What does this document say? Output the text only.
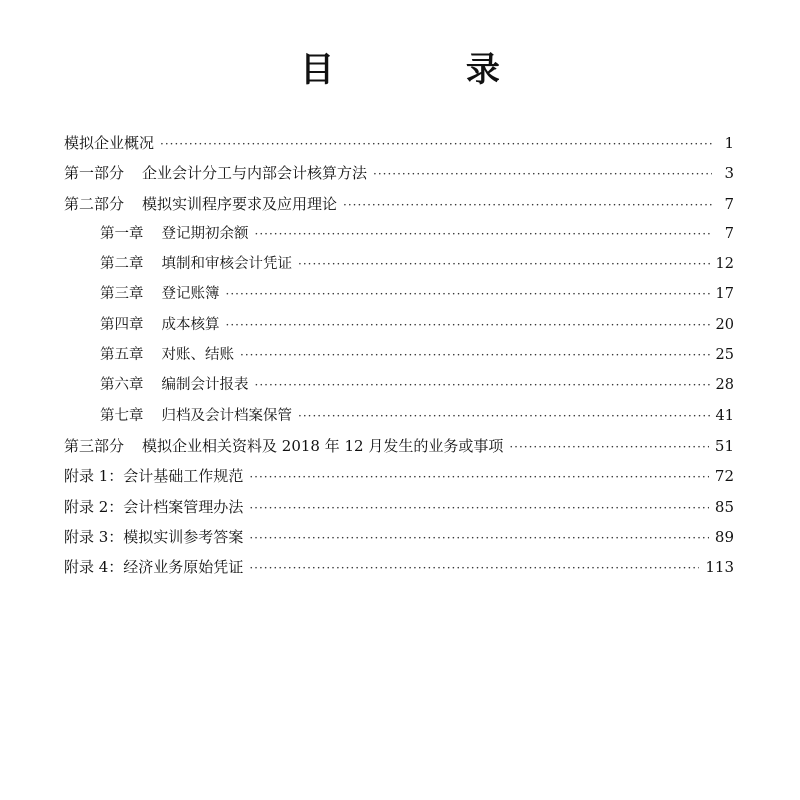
目 录
模拟企业概况 ·····	1
第一部分 企业会计分工与内部会计核算方法 ·····	3
第二部分 模拟实训程序要求及应用理论 ·····	7
第一章 登记期初余额 ·····	7
第二章 填制和审核会计凭证 ·····	12
第三章 登记账簿 ·····	17
第四章 成本核算 ·····	20
第五章 对账、结账 ·····	25
第六章 编制会计报表 ·····	28
第七章 归档及会计档案保管 ·····	41
第三部分 模拟企业相关资料及 2018 年 12 月发生的业务或事项 ·····	51
附录 1：会计基础工作规范 ·····	72
附录 2：会计档案管理办法 ·····	85
附录 3：模拟实训参考答案 ·····	89
附录 4：经济业务原始凭证 ·····	113
